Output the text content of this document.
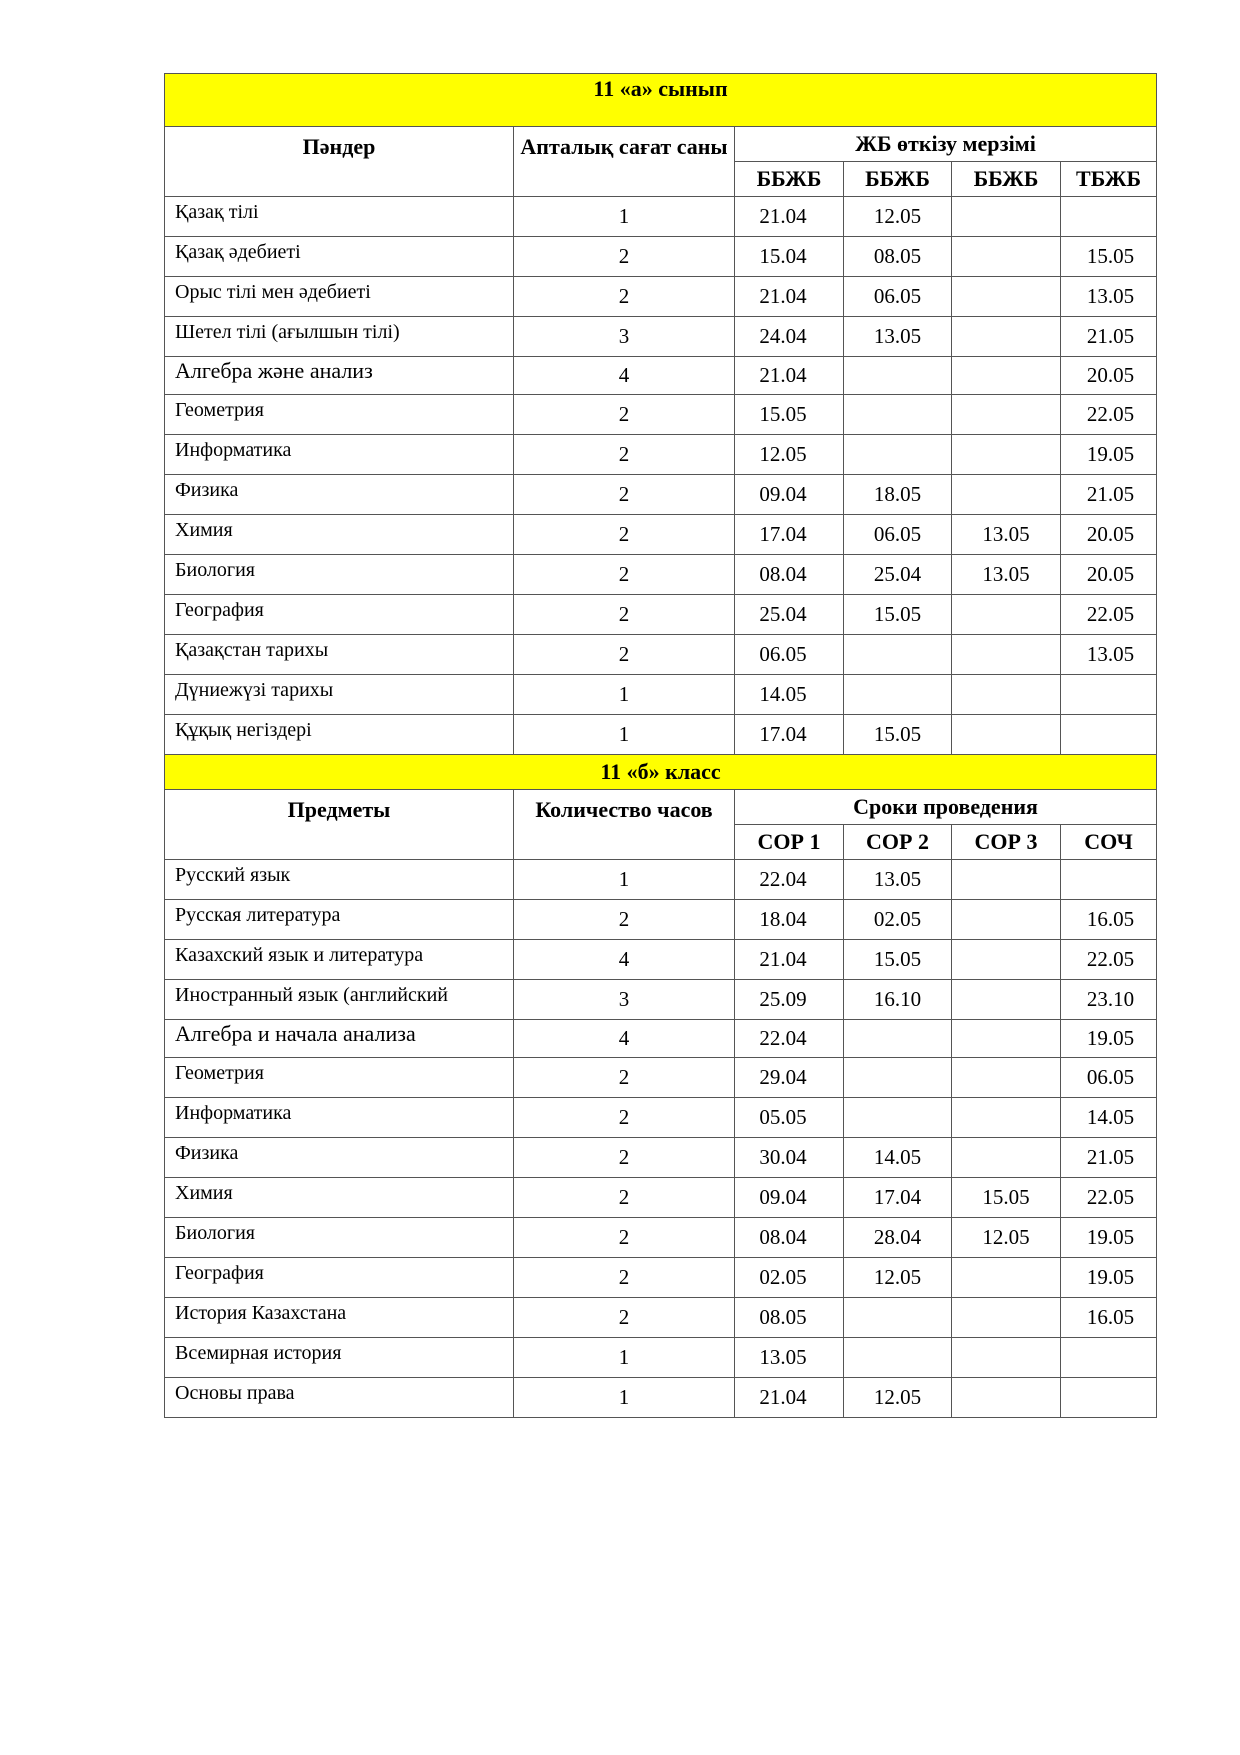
11 «а» сынып					
Пәндер	Апталық сағат саны	ЖБ өткізу мерзімі			
		ББЖБ	ББЖБ	ББЖБ	ТБЖБ
Қазақ тілі	1	21.04	12.05		
Қазақ әдебиеті	2	15.04	08.05		15.05
Орыс тілі мен әдебиеті	2	21.04	06.05		13.05
Шетел тілі (ағылшын тілі)	3	24.04	13.05		21.05
Алгебра және анализ	4	21.04			20.05
Геометрия	2	15.05			22.05
Информатика	2	12.05			19.05
Физика	2	09.04	18.05		21.05
Химия	2	17.04	06.05	13.05	20.05
Биология	2	08.04	25.04	13.05	20.05
География	2	25.04	15.05		22.05
Қазақстан тарихы	2	06.05			13.05
Дүниежүзі тарихы	1	14.05			
Құқық негіздері	1	17.04	15.05		
11 «б» класс					
Предметы	Количество часов	Сроки проведения			
		СОР 1	СОР 2	СОР 3	СОЧ
Русский язык	1	22.04	13.05		
Русская литература	2	18.04	02.05		16.05
Казахский язык и литература	4	21.04	15.05		22.05
Иностранный язык (английский	3	25.09	16.10		23.10
Алгебра и начала анализа	4	22.04			19.05
Геометрия	2	29.04			06.05
Информатика	2	05.05			14.05
Физика	2	30.04	14.05		21.05
Химия	2	09.04	17.04	15.05	22.05
Биология	2	08.04	28.04	12.05	19.05
География	2	02.05	12.05		19.05
История Казахстана	2	08.05			16.05
Всемирная история	1	13.05			
Основы права	1	21.04	12.05		
